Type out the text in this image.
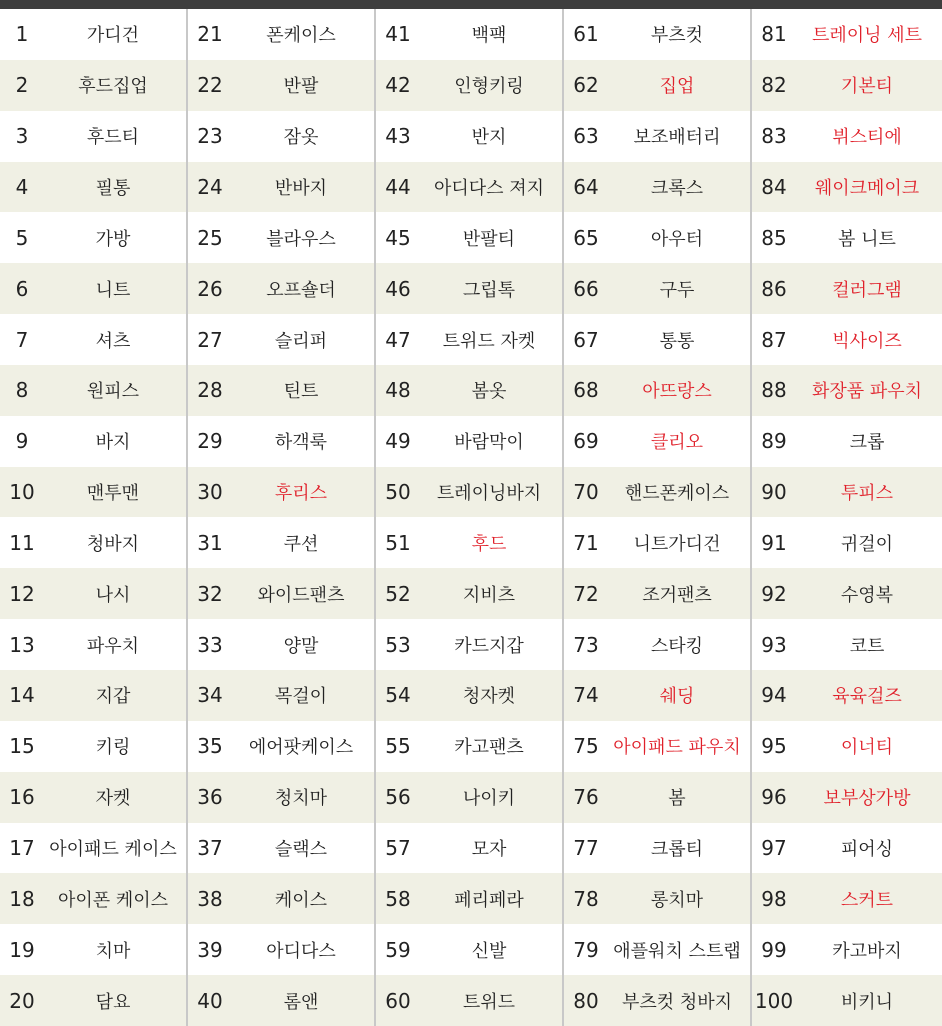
1	가디건	21	폰케이스	41	백팩	61	부츠컷	81	트레이닝 세트
2	후드집업	22	반팔	42	인형키링	62	집업	82	기본티
3	후드티	23	잠옷	43	반지	63	보조배터리	83	뷔스티에
4	필통	24	반바지	44	아디다스 져지	64	크록스	84	웨이크메이크
5	가방	25	블라우스	45	반팔티	65	아우터	85	봄 니트
6	니트	26	오프숄더	46	그립톡	66	구두	86	컬러그램
7	셔츠	27	슬리퍼	47	트위드 자켓	67	통통	87	빅사이즈
8	원피스	28	틴트	48	봄옷	68	아뜨랑스	88	화장품 파우치
9	바지	29	하객룩	49	바람막이	69	클리오	89	크롭
10	맨투맨	30	후리스	50	트레이닝바지	70	핸드폰케이스	90	투피스
11	청바지	31	쿠션	51	후드	71	니트가디건	91	귀걸이
12	나시	32	와이드팬츠	52	지비츠	72	조거팬츠	92	수영복
13	파우치	33	양말	53	카드지갑	73	스타킹	93	코트
14	지갑	34	목걸이	54	청자켓	74	쉐딩	94	육육걸즈
15	키링	35	에어팟케이스	55	카고팬츠	75 아이패드 파우치	95	이너티
16	자켓	36	청치마	56	나이키	76	봄	96	보부상가방
17 아이패드 케이스	37	슬랙스	57	모자	77	크롭티	97	피어싱
18	아이폰 케이스	38	케이스	58	페리페라	78	롱치마	98	스커트
19	치마	39	아디다스	59	신발	79 애플워치 스트랩	99	카고바지
20	담요	40	롬앤	60	트위드	80	부츠컷 청바지	100	비키니
